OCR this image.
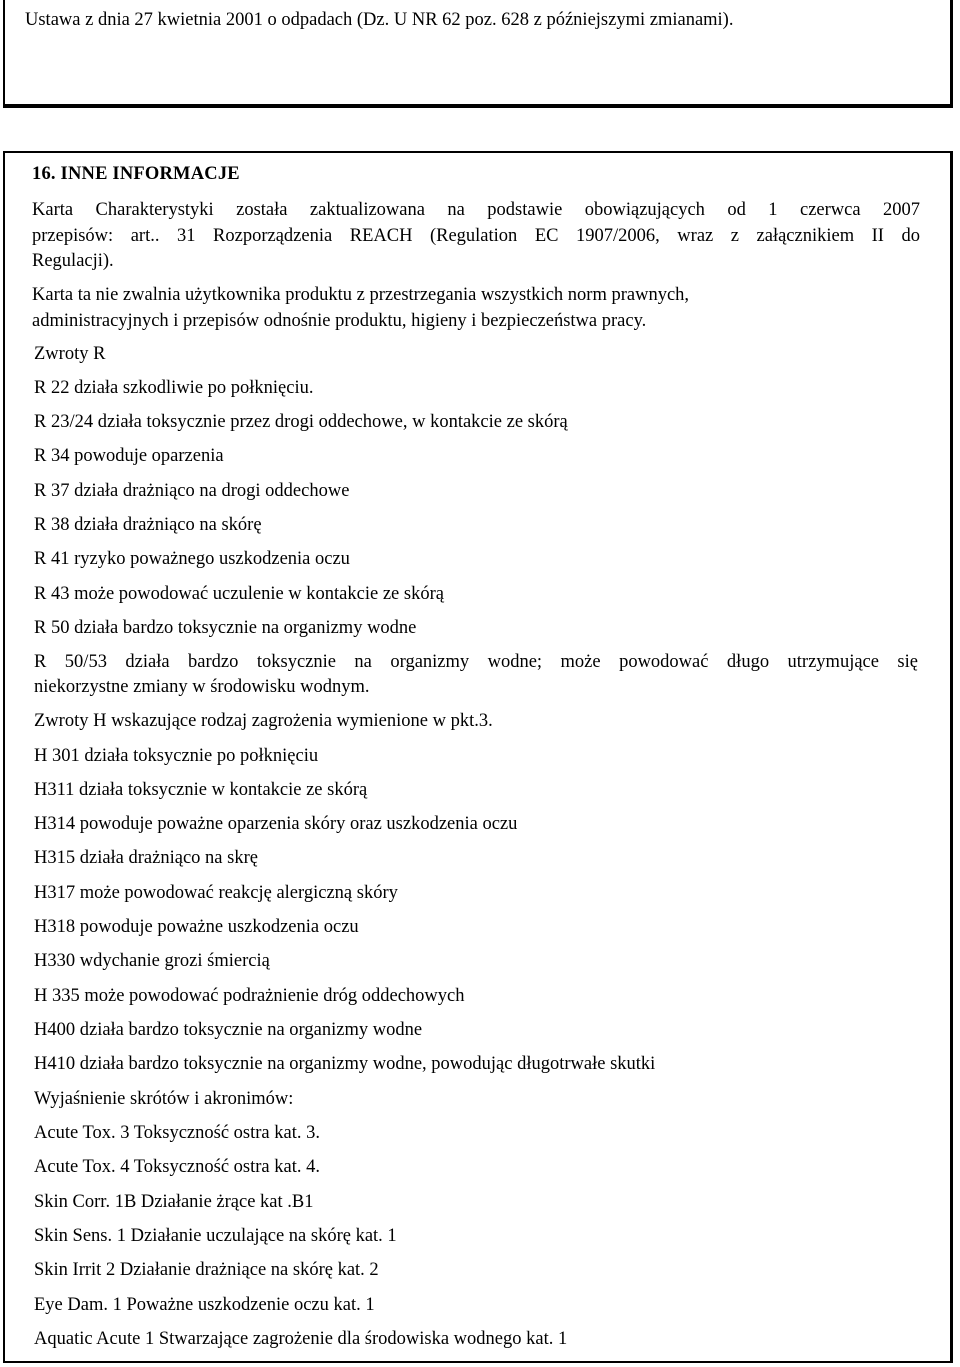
Ustawa z dnia 27 kwietnia 2001 o odpadach (Dz. U NR 62 poz. 628 z późniejszymi zmianami).
16. INNE INFORMACJE
Karta Charakterystyki została zaktualizowana na podstawie obowiązujących od 1 czerwca 2007
przepisów: art.. 31 Rozporządzenia REACH (Regulation EC 1907/2006, wraz z załącznikiem II do
Regulacji).
Karta ta nie zwalnia użytkownika produktu z przestrzegania wszystkich norm prawnych,
administracyjnych i przepisów odnośnie produktu, higieny i bezpieczeństwa pracy.
Zwroty R
R 22 działa szkodliwie po połknięciu.
R 23/24 działa toksycznie przez drogi oddechowe, w kontakcie ze skórą
R 34 powoduje oparzenia
R 37 działa drażniąco na drogi oddechowe
R 38 działa drażniąco na skórę
R 41 ryzyko poważnego uszkodzenia oczu
R 43 może powodować uczulenie w kontakcie ze skórą
R 50 działa bardzo toksycznie na organizmy wodne
R 50/53 działa bardzo toksycznie na organizmy wodne; może powodować długo utrzymujące się
niekorzystne zmiany w środowisku wodnym.
Zwroty H wskazujące rodzaj zagrożenia wymienione w pkt.3.
H 301 działa toksycznie po połknięciu
H311 działa toksycznie w kontakcie ze skórą
H314 powoduje poważne oparzenia skóry oraz uszkodzenia oczu
H315 działa drażniąco na skrę
H317 może powodować reakcję alergiczną skóry
H318 powoduje poważne uszkodzenia oczu
H330 wdychanie grozi śmiercią
H 335 może powodować podrażnienie dróg oddechowych
H400 działa bardzo toksycznie na organizmy wodne
H410 działa bardzo toksycznie na organizmy wodne, powodując długotrwałe skutki
Wyjaśnienie skrótów i akronimów:
Acute Tox. 3 Toksyczność ostra kat. 3.
Acute Tox. 4 Toksyczność ostra kat. 4.
Skin Corr. 1B Działanie żrące kat .B1
Skin Sens. 1 Działanie uczulające na skórę kat. 1
Skin Irrit 2 Działanie drażniące na skórę kat. 2
Eye Dam. 1 Poważne uszkodzenie oczu kat. 1
Aquatic Acute 1 Stwarzające zagrożenie dla środowiska wodnego kat. 1
